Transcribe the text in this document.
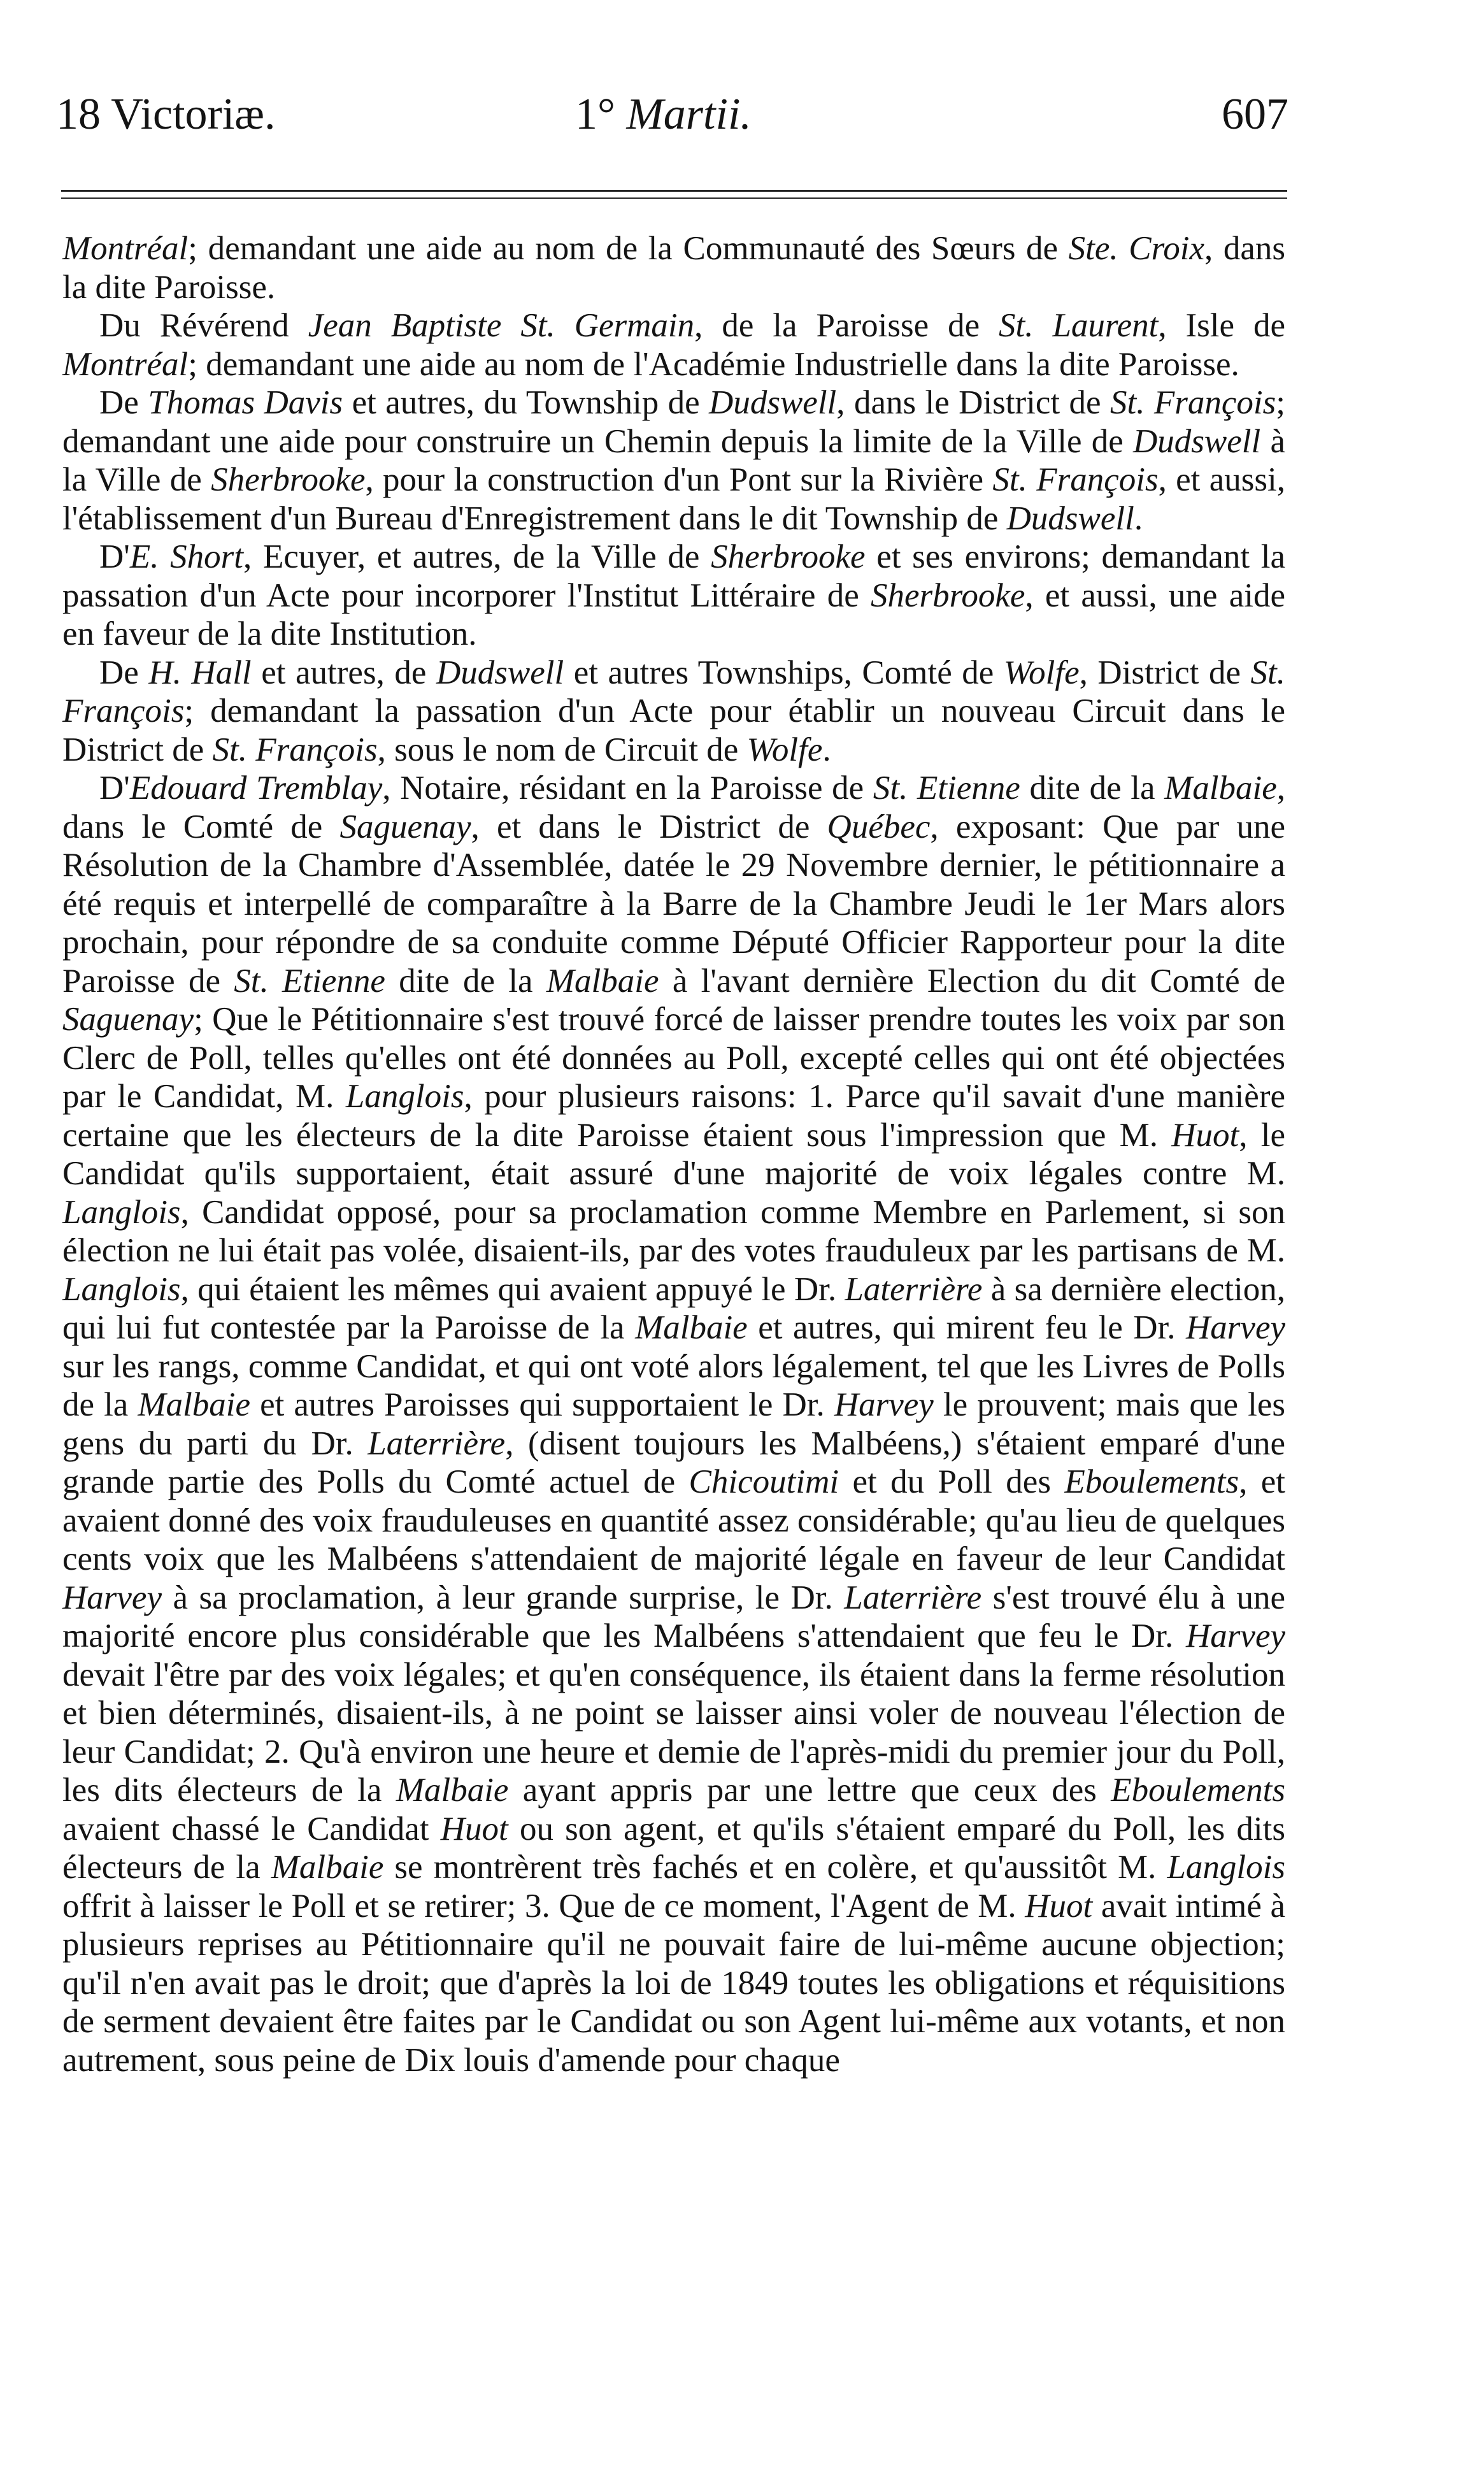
18 Victoriæ.	1° Martii.	607

Montréal; demandant une aide au nom de la Communauté des Sœurs de Ste. Croix, dans la dite Paroisse.

Du Révérend Jean Baptiste St. Germain, de la Paroisse de St. Laurent, Isle de Montréal; demandant une aide au nom de l'Académie Industrielle dans la dite Paroisse.

De Thomas Davis et autres, du Township de Dudswell, dans le District de St. François; demandant une aide pour construire un Chemin depuis la limite de la Ville de Dudswell à la Ville de Sherbrooke, pour la construction d'un Pont sur la Rivière St. François, et aussi, l'établissement d'un Bureau d'Enregistrement dans le dit Township de Dudswell.

D'E. Short, Ecuyer, et autres, de la Ville de Sherbrooke et ses environs; demandant la passation d'un Acte pour incorporer l'Institut Littéraire de Sherbrooke, et aussi, une aide en faveur de la dite Institution.

De H. Hall et autres, de Dudswell et autres Townships, Comté de Wolfe, District de St. François; demandant la passation d'un Acte pour établir un nouveau Circuit dans le District de St. François, sous le nom de Circuit de Wolfe.

D'Edouard Tremblay, Notaire, résidant en la Paroisse de St. Etienne dite de la Malbaie, dans le Comté de Saguenay, et dans le District de Québec, exposant: Que par une Résolution de la Chambre d'Assemblée, datée le 29 Novembre dernier, le pétitionnaire a été requis et interpellé de comparaître à la Barre de la Chambre Jeudi le 1er Mars alors prochain, pour répondre de sa conduite comme Député Officier Rapporteur pour la dite Paroisse de St. Etienne dite de la Malbaie à l'avant dernière Election du dit Comté de Saguenay; Que le Pétitionnaire s'est trouvé forcé de laisser prendre toutes les voix par son Clerc de Poll, telles qu'elles ont été données au Poll, excepté celles qui ont été objectées par le Candidat, M. Langlois, pour plusieurs raisons: 1. Parce qu'il savait d'une manière certaine que les électeurs de la dite Paroisse étaient sous l'impression que M. Huot, le Candidat qu'ils supportaient, était assuré d'une majorité de voix légales contre M. Langlois, Candidat opposé, pour sa proclamation comme Membre en Parlement, si son élection ne lui était pas volée, disaient-ils, par des votes frauduleux par les partisans de M. Langlois, qui étaient les mêmes qui avaient appuyé le Dr. Laterrière à sa dernière election, qui lui fut contestée par la Paroisse de la Malbaie et autres, qui mirent feu le Dr. Harvey sur les rangs, comme Candidat, et qui ont voté alors légalement, tel que les Livres de Polls de la Malbaie et autres Paroisses qui supportaient le Dr. Harvey le prouvent; mais que les gens du parti du Dr. Laterrière, (disent toujours les Malbéens,) s'étaient emparé d'une grande partie des Polls du Comté actuel de Chicoutimi et du Poll des Eboulements, et avaient donné des voix frauduleuses en quantité assez considérable; qu'au lieu de quelques cents voix que les Malbéens s'attendaient de majorité légale en faveur de leur Candidat Harvey à sa proclamation, à leur grande surprise, le Dr. Laterrière s'est trouvé élu à une majorité encore plus considérable que les Malbéens s'attendaient que feu le Dr. Harvey devait l'être par des voix légales; et qu'en conséquence, ils étaient dans la ferme résolution et bien déterminés, disaient-ils, à ne point se laisser ainsi voler de nouveau l'élection de leur Candidat; 2. Qu'à environ une heure et demie de l'après-midi du premier jour du Poll, les dits électeurs de la Malbaie ayant appris par une lettre que ceux des Eboulements avaient chassé le Candidat Huot ou son agent, et qu'ils s'étaient emparé du Poll, les dits électeurs de la Malbaie se montrèrent très fachés et en colère, et qu'aussitôt M. Langlois offrit à laisser le Poll et se retirer; 3. Que de ce moment, l'Agent de M. Huot avait intimé à plusieurs reprises au Pétitionnaire qu'il ne pouvait faire de lui-même aucune objection; qu'il n'en avait pas le droit; que d'après la loi de 1849 toutes les obligations et réquisitions de serment devaient être faites par le Candidat ou son Agent lui-même aux votants, et non autrement, sous peine de Dix louis d'amende pour chaque
